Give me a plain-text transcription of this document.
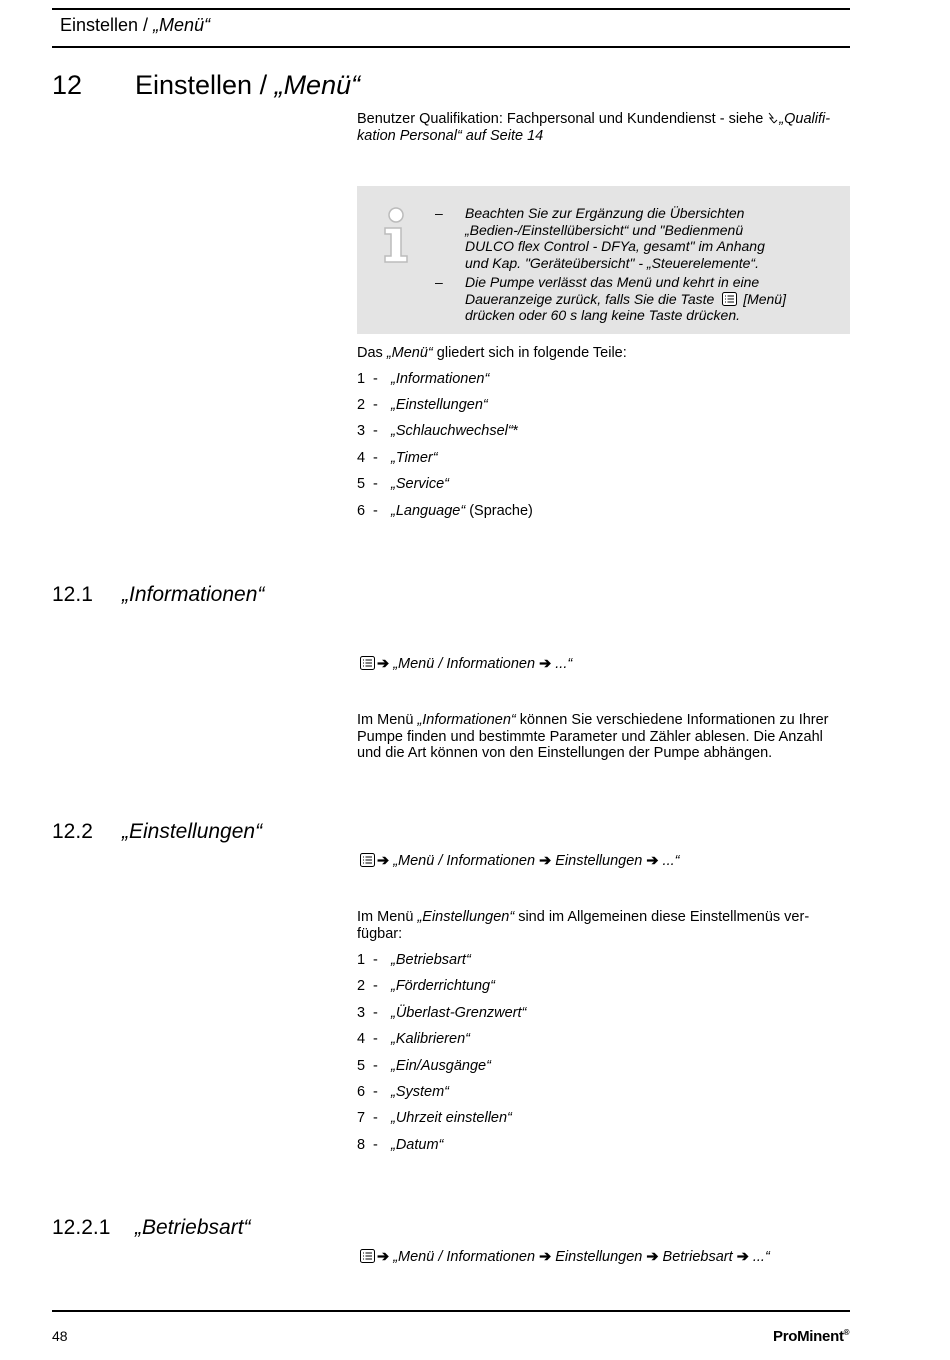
Einstellen / „Menü“
12 Einstellen / „Menü“
Benutzer Qualifikation: Fachpersonal und Kundendienst - siehe „Qualifi-
kation Personal“ auf Seite 14
–	Beachten Sie zur Ergänzung die Übersichten
„Bedien-/Einstellübersicht“ und "Bedienmenü
DULCO flex Control - DFYa, gesamt" im Anhang
und Kap. "Geräteübersicht" - „Steuerelemente“.
–	Die Pumpe verlässt das Menü und kehrt in eine
Daueranzeige zurück, falls Sie die Taste [Menü]
drücken oder 60 s lang keine Taste drücken.
Das „Menü“ gliedert sich in folgende Teile:
1 - „Informationen“
2 - „Einstellungen“
3 - „Schlauchwechsel“*
4 - „Timer“
5 - „Service“
6 - „Language“ (Sprache)
12.1 „Informationen“
➔ „Menü / Informationen ➔ ...“
Im Menü „Informationen“ können Sie verschiedene Informationen zu Ihrer
Pumpe finden und bestimmte Parameter und Zähler ablesen. Die Anzahl
und die Art können von den Einstellungen der Pumpe abhängen.
12.2 „Einstellungen“
➔ „Menü / Informationen ➔ Einstellungen ➔ ...“
Im Menü „Einstellungen“ sind im Allgemeinen diese Einstellmenüs ver-
fügbar:
1 - „Betriebsart“
2 - „Förderrichtung“
3 - „Überlast-Grenzwert“
4 - „Kalibrieren“
5 - „Ein/Ausgänge“
6 - „System“
7 - „Uhrzeit einstellen“
8 - „Datum“
12.2.1 „Betriebsart“
➔ „Menü / Informationen ➔ Einstellungen ➔ Betriebsart ➔ ...“
48	ProMinent®
